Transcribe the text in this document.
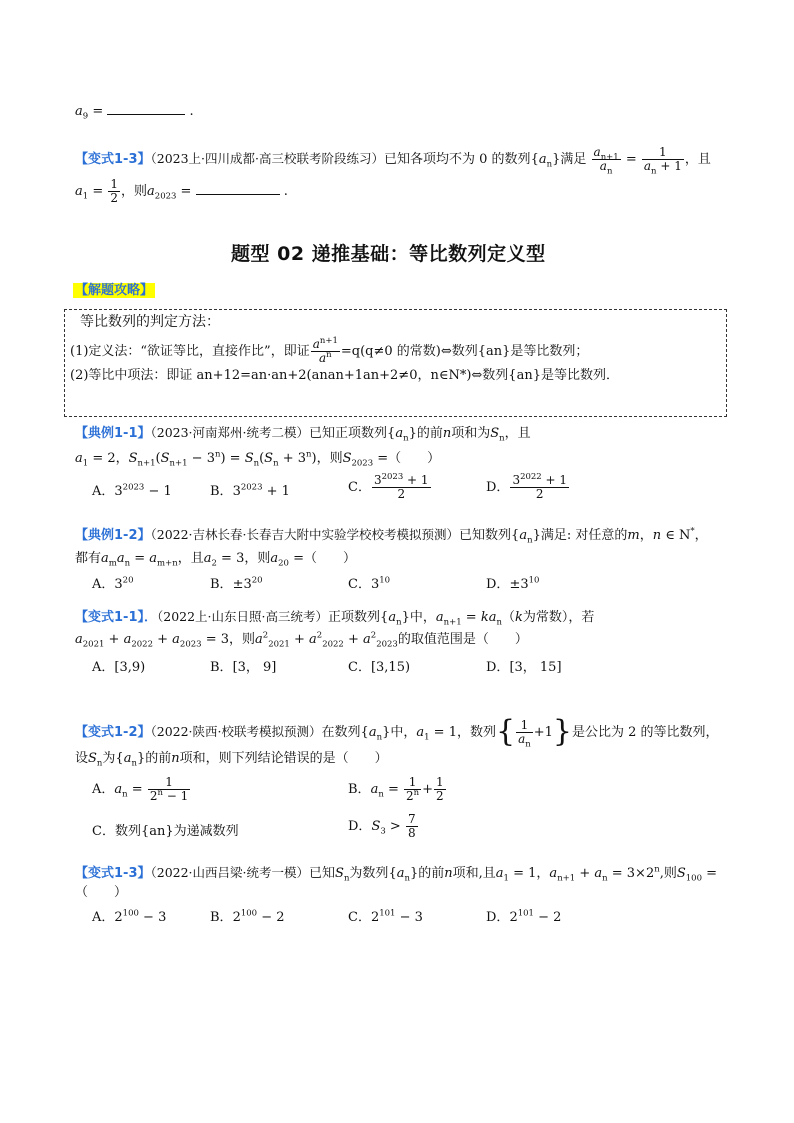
$a_9$ =	.
【变式1-3】（2023上·四川成都·高三校联考阶段练习）已知各项均不为 0 的数列$\{a_n\}$满足 $\frac{a_{n+1}}{a_n} = \frac{1}{a_n + 1}$ ，且
$a_1 = \frac{1}{2}$ ，则$a_{2023}$ =	.
题型 02 递推基础：等比数列定义型
【解题攻略】
等比数列的判定方法：
(1)定义法：“欲证等比，直接作比”，即证 $\frac{a^{n+1}}{a^n} =q(q\ne 0$ 的常数)⇔数列{an}是等比数列；
(2)等比中项法：即证 an+12=an·an+2(anan+1an+2≠0，n∈N*)⇔数列{an}是等比数列．
【典例1-1】（2023·河南郑州·统考二模）已知正项数列$\{a_n\}$的前n项和为$S_n$，且
$a_1 = 2$，$S_{n+1}(S_{n+1} - 3^n) = S_n(S_n + 3^n)$，则$S_{2023}$ =（　　）
A．$3^{2023} - 1$	B．$3^{2023} + 1$	C． $\frac{3^{2023} + 1}{2}$	D． $\frac{3^{2022} + 1}{2}$
【典例1-2】（2022·吉林长春·长春吉大附中实验学校校考模拟预测）已知数列$\{a_n\}$满足: 对任意的m，n ∈ N*，
都有$a_ma_n = a_{m+n}$，且$a_2 = 3$，则$a_{20}$ =（　　）
A．$3^{20}$	B．$\pm 3^{20}$	C．$3^{10}$	D．$\pm 3^{10}$
【变式1-1】．（2022上·山东日照·高三统考）正项数列$\{a_n\}$中，$a_{n+1} = ka_n(k$为常数），若
$a_{2021} + a_{2022} + a_{2023} = 3$，则$a^2_{2021} + a^2_{2022} + a^2_{2023}$的取值范围是（　　）
A．[3,9)	B．[3， 9]	C．[3,15)	D．[3， 15]
【变式1-2】（2022·陕西·校联考模拟预测）在数列$\{a_n\}$中，$a_1 = 1$，数列{ $\frac{1}{a_n} +1$}是公比为 2 的等比数列，
设$S_n$为$\{a_n\}$的前n项和，则下列结论错误的是（　　）
A．$a_n = \frac{1}{2^n - 1}$	B．$a_n = \frac{1}{2^n} + \frac{1}{2}$
C．数列{an}为递减数列	D．$S_3 > \frac{7}{8}$
【变式1-3】（2022·山西吕梁·统考一模）已知$S_n$为数列$\{a_n\}$的前n项和,且$a_1 = 1$，$a_{n+1} + a_n = 3\times 2^n$,则$S_{100}$ =
（　　）
A．$2^{100} - 3$	B．$2^{100} - 2$	C．$2^{101} - 3$	D．$2^{101} - 2$
